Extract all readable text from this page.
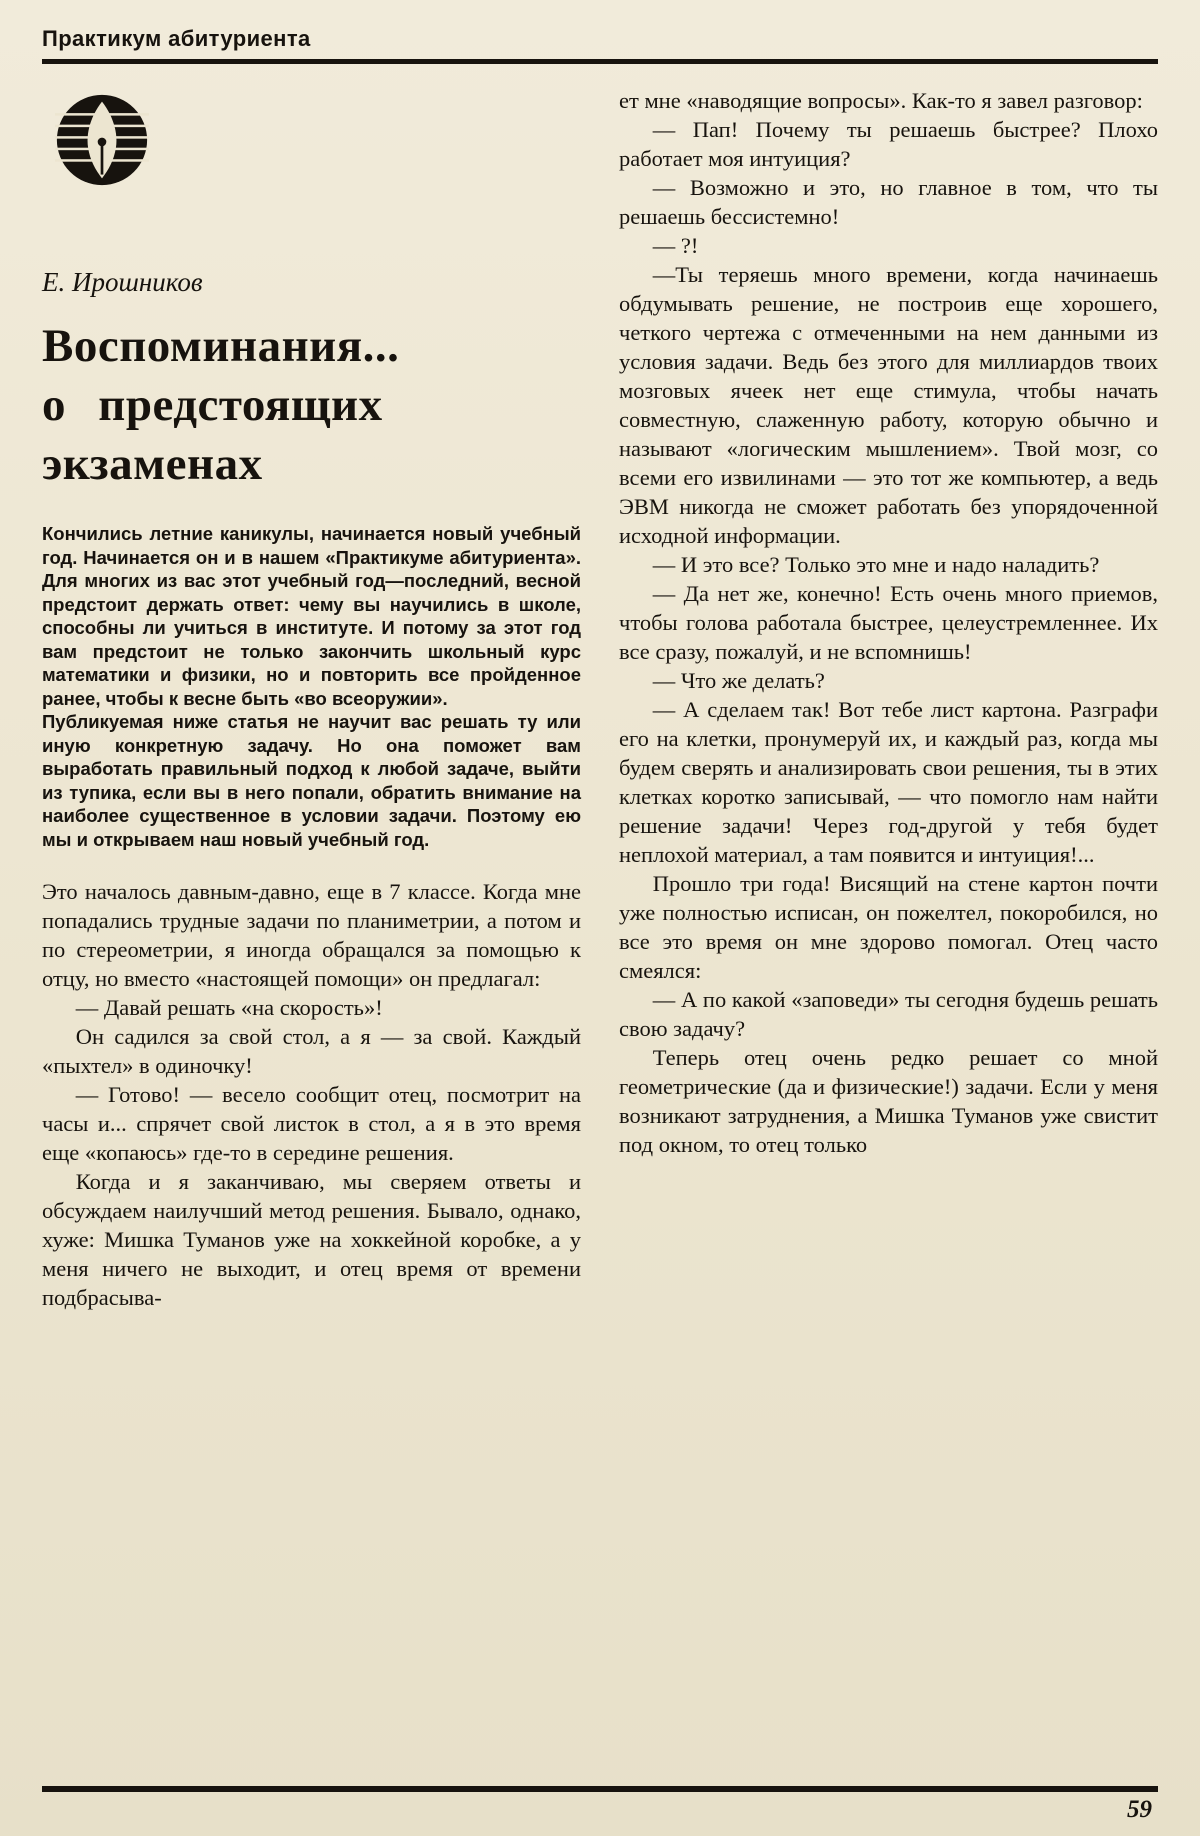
Практикум абитуриента
Е. Ирошников
Воспоминания...
о предстоящих
экзаменах

Кончились летние каникулы, начинается новый учебный год. Начинается он и в нашем «Практикуме абитуриента». Для многих из вас этот учебный год—последний, весной предстоит держать ответ: чему вы научились в школе, способны ли учиться в институте. И потому за этот год вам предстоит не только закончить школьный курс математики и физики, но и повторить все пройденное ранее, чтобы к весне быть «во всеоружии».

Публикуемая ниже статья не научит вас решать ту или иную конкретную задачу. Но она поможет вам выработать правильный подход к любой задаче, выйти из тупика, если вы в него попали, обратить внимание на наиболее существенное в условии задачи. Поэтому ею мы и открываем наш новый учебный год.

Это началось давным-давно, еще в 7 классе. Когда мне попадались трудные задачи по планиметрии, а потом и по стереометрии, я иногда обращался за помощью к отцу, но вместо «настоящей помощи» он предлагал:

— Давай решать «на скорость»!

Он садился за свой стол, а я — за свой. Каждый «пыхтел» в одиночку!

— Готово! — весело сообщит отец, посмотрит на часы и... спрячет свой листок в стол, а я в это время еще «копаюсь» где-то в середине решения.

Когда и я заканчиваю, мы сверяем ответы и обсуждаем наилучший метод решения. Бывало, однако, хуже: Мишка Туманов уже на хоккейной коробке, а у меня ничего не выходит, и отец время от времени подбрасыва-

ет мне «наводящие вопросы». Как-то я завел разговор:

— Пап! Почему ты решаешь быстрее? Плохо работает моя интуиция?

— Возможно и это, но главное в том, что ты решаешь бессистемно!

— ?!

—Ты теряешь много времени, когда начинаешь обдумывать решение, не построив еще хорошего, четкого чертежа с отмеченными на нем данными из условия задачи. Ведь без этого для миллиардов твоих мозговых ячеек нет еще стимула, чтобы начать совместную, слаженную работу, которую обычно и называют «логическим мышлением». Твой мозг, со всеми его извилинами — это тот же компьютер, а ведь ЭВМ никогда не сможет работать без упорядоченной исходной информации.

— И это все? Только это мне и надо наладить?

— Да нет же, конечно! Есть очень много приемов, чтобы голова работала быстрее, целеустремленнее. Их все сразу, пожалуй, и не вспомнишь!

— Что же делать?

— А сделаем так! Вот тебе лист картона. Разграфи его на клетки, пронумеруй их, и каждый раз, когда мы будем сверять и анализировать свои решения, ты в этих клетках коротко записывай, — что помогло нам найти решение задачи! Через год-другой у тебя будет неплохой материал, а там появится и интуиция!...

Прошло три года! Висящий на стене картон почти уже полностью исписан, он пожелтел, покоробился, но все это время он мне здорово помогал. Отец часто смеялся:

— А по какой «заповеди» ты сегодня будешь решать свою задачу?

Теперь отец очень редко решает со мной геометрические (да и физические!) задачи. Если у меня возникают затруднения, а Мишка Туманов уже свистит под окном, то отец только

59
